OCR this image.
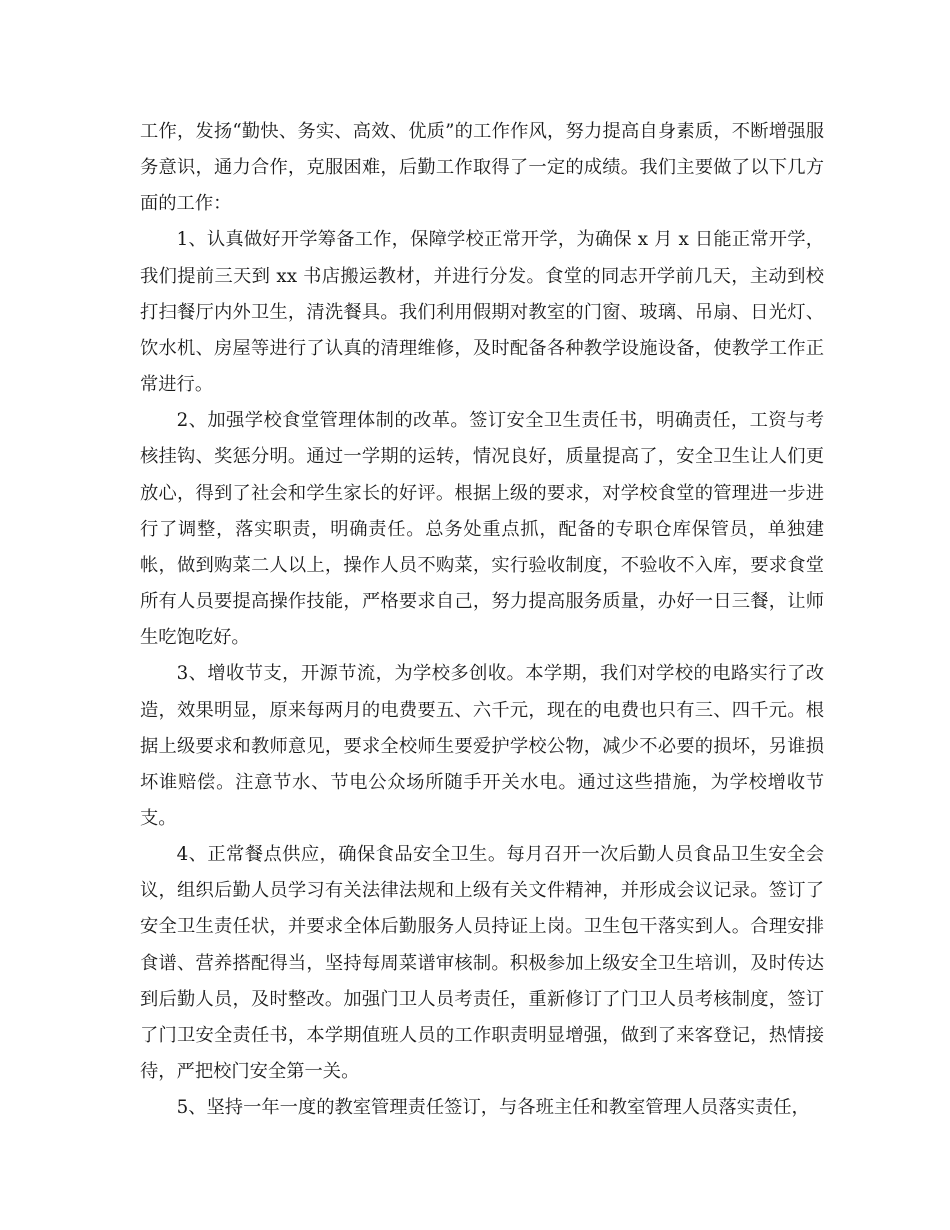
工作，发扬“勤快、务实、高效、优质”的工作作风，努力提高自身素质，不断增强服务意识，通力合作，克服困难，后勤工作取得了一定的成绩。我们主要做了以下几方面的工作：

1、认真做好开学筹备工作，保障学校正常开学，为确保 x 月 x 日能正常开学，我们提前三天到 xx 书店搬运教材，并进行分发。食堂的同志开学前几天，主动到校打扫餐厅内外卫生，清洗餐具。我们利用假期对教室的门窗、玻璃、吊扇、日光灯、饮水机、房屋等进行了认真的清理维修，及时配备各种教学设施设备，使教学工作正常进行。

2、加强学校食堂管理体制的改革。签订安全卫生责任书，明确责任，工资与考核挂钩、奖惩分明。通过一学期的运转，情况良好，质量提高了，安全卫生让人们更放心，得到了社会和学生家长的好评。根据上级的要求，对学校食堂的管理进一步进行了调整，落实职责，明确责任。总务处重点抓，配备的专职仓库保管员，单独建帐，做到购菜二人以上，操作人员不购菜，实行验收制度，不验收不入库，要求食堂所有人员要提高操作技能，严格要求自己，努力提高服务质量，办好一日三餐，让师生吃饱吃好。

3、增收节支，开源节流，为学校多创收。本学期，我们对学校的电路实行了改造，效果明显，原来每两月的电费要五、六千元，现在的电费也只有三、四千元。根据上级要求和教师意见，要求全校师生要爱护学校公物，减少不必要的损坏，另谁损坏谁赔偿。注意节水、节电公众场所随手开关水电。通过这些措施，为学校增收节支。

4、正常餐点供应，确保食品安全卫生。每月召开一次后勤人员食品卫生安全会议，组织后勤人员学习有关法律法规和上级有关文件精神，并形成会议记录。签订了安全卫生责任状，并要求全体后勤服务人员持证上岗。卫生包干落实到人。合理安排食谱、营养搭配得当，坚持每周菜谱审核制。积极参加上级安全卫生培训，及时传达到后勤人员，及时整改。加强门卫人员考责任，重新修订了门卫人员考核制度，签订了门卫安全责任书，本学期值班人员的工作职责明显增强，做到了来客登记，热情接待，严把校门安全第一关。

5、坚持一年一度的教室管理责任签订，与各班主任和教室管理人员落实责任，
